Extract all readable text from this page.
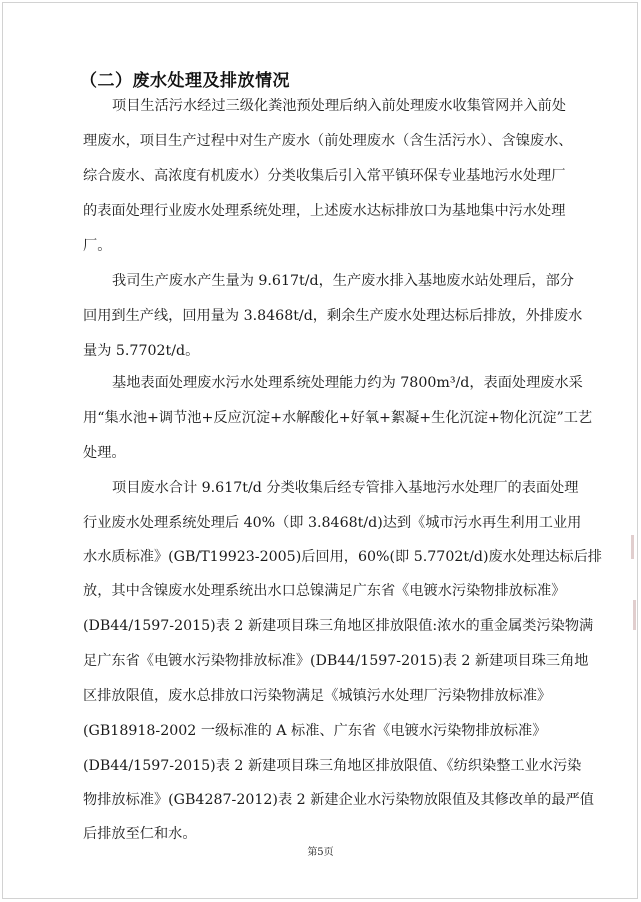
（二）废水处理及排放情况
项目生活污水经过三级化粪池预处理后纳入前处理废水收集管网并入前处
理废水，项目生产过程中对生产废水（前处理废水（含生活污水）、含镍废水、
综合废水、高浓度有机废水）分类收集后引入常平镇环保专业基地污水处理厂
的表面处理行业废水处理系统处理，上述废水达标排放口为基地集中污水处理
厂。
我司生产废水产生量为 9.617t/d，生产废水排入基地废水站处理后，部分
回用到生产线，回用量为 3.8468t/d，剩余生产废水处理达标后排放，外排废水
量为 5.7702t/d。
基地表面处理废水污水处理系统处理能力约为 7800m³/d，表面处理废水采
用“集水池+调节池+反应沉淀+水解酸化+好氧+絮凝+生化沉淀+物化沉淀”工艺
处理。
项目废水合计 9.617t/d 分类收集后经专管排入基地污水处理厂的表面处理
行业废水处理系统处理后 40%（即 3.8468t/d)达到《城市污水再生利用工业用
水水质标准》(GB/T19923-2005)后回用，60%(即 5.7702t/d)废水处理达标后排
放，其中含镍废水处理系统出水口总镍满足广东省《电镀水污染物排放标准》
(DB44/1597-2015)表 2 新建项目珠三角地区排放限值:浓水的重金属类污染物满
足广东省《电镀水污染物排放标准》(DB44/1597-2015)表 2 新建项目珠三角地
区排放限值，废水总排放口污染物满足《城镇污水处理厂污染物排放标准》
(GB18918-2002 一级标准的 A 标准、广东省《电镀水污染物排放标准》
(DB44/1597-2015)表 2 新建项目珠三角地区排放限值、《纺织染整工业水污染
物排放标准》(GB4287-2012)表 2 新建企业水污染物放限值及其修改单的最严值
后排放至仁和水。
第5页
